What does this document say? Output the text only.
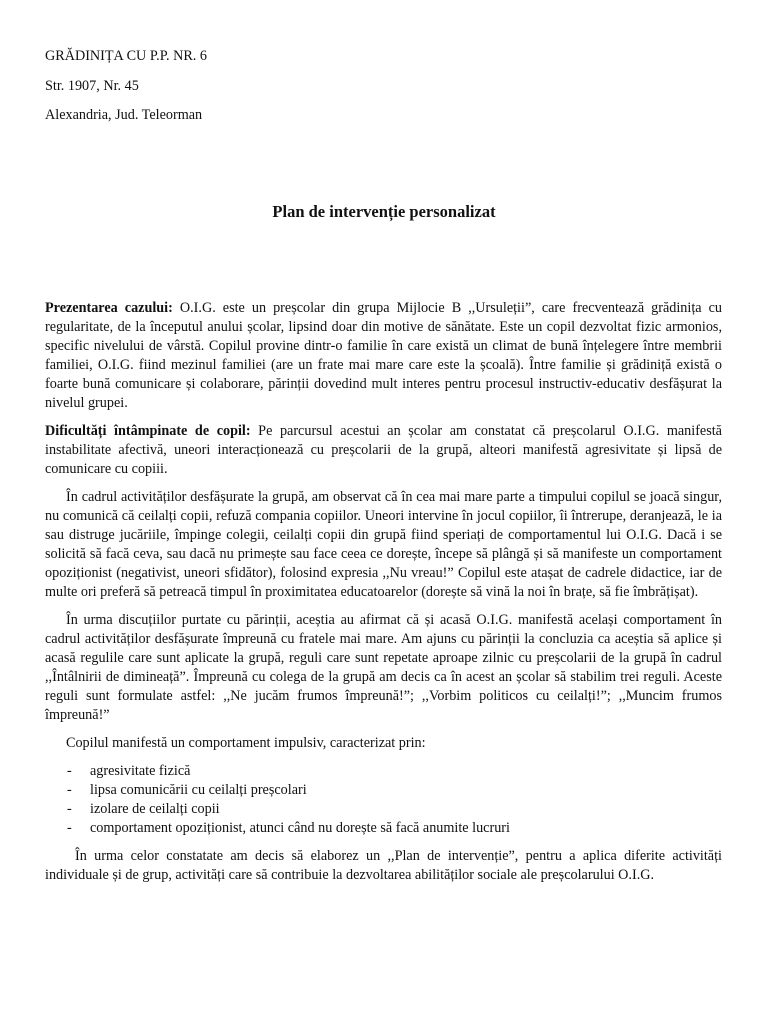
GRĂDINIȚA CU P.P. NR. 6
Str. 1907, Nr. 45
Alexandria, Jud. Teleorman
Plan de intervenție personalizat

Prezentarea cazului: O.I.G. este un preșcolar din grupa Mijlocie B ,,Ursuleții”, care frecventează grădinița cu regularitate, de la începutul anului școlar, lipsind doar din motive de sănătate. Este un copil dezvoltat fizic armonios, specific nivelului de vârstă. Copilul provine dintr-o familie în care există un climat de bună înțelegere între membrii familiei, O.I.G. fiind mezinul familiei (are un frate mai mare care este la școală). Între familie și grădiniță există o foarte bună comunicare și colaborare, părinții dovedind mult interes pentru procesul instructiv-educativ desfășurat la nivelul grupei.

Dificultăți întâmpinate de copil: Pe parcursul acestui an școlar am constatat că preșcolarul O.I.G. manifestă instabilitate afectivă, uneori interacționează cu preșcolarii de la grupă, alteori manifestă agresivitate și lipsă de comunicare cu copiii.

În cadrul activităților desfășurate la grupă, am observat că în cea mai mare parte a timpului copilul se joacă singur, nu comunică că ceilalți copii, refuză compania copiilor. Uneori intervine în jocul copiilor, îi întrerupe, deranjează, le ia sau distruge jucăriile, împinge colegii, ceilalți copii din grupă fiind speriați de comportamentul lui O.I.G. Dacă i se solicită să facă ceva, sau dacă nu primește sau face ceea ce dorește, începe să plângă și să manifeste un comportament opoziționist (negativist, uneori sfidător), folosind expresia ,,Nu vreau!” Copilul este atașat de cadrele didactice, iar de multe ori preferă să petreacă timpul în proximitatea educatoarelor (dorește să vină la noi în brațe, să fie îmbrățișat).

În urma discuțiilor purtate cu părinții, aceștia au afirmat că și acasă O.I.G. manifestă același comportament în cadrul activităților desfășurate împreună cu fratele mai mare. Am ajuns cu părinții la concluzia ca aceștia să aplice și acasă regulile care sunt aplicate la grupă, reguli care sunt repetate aproape zilnic cu preșcolarii de la grupă în cadrul ,,Întâlnirii de dimineață”. Împreună cu colega de la grupă am decis ca în acest an școlar să stabilim trei reguli. Aceste reguli sunt formulate astfel: ,,Ne jucăm frumos împreună!”; ,,Vorbim politicos cu ceilalți!”; ,,Muncim frumos împreună!”

Copilul manifestă un comportament impulsiv, caracterizat prin:

- agresivitate fizică
- lipsa comunicării cu ceilalți preșcolari
- izolare de ceilalți copii
- comportament opoziționist, atunci când nu dorește să facă anumite lucruri

În urma celor constatate am decis să elaborez un ,,Plan de intervenție”, pentru a aplica diferite activități individuale și de grup, activități care să contribuie la dezvoltarea abilităților sociale ale preșcolarului O.I.G.
